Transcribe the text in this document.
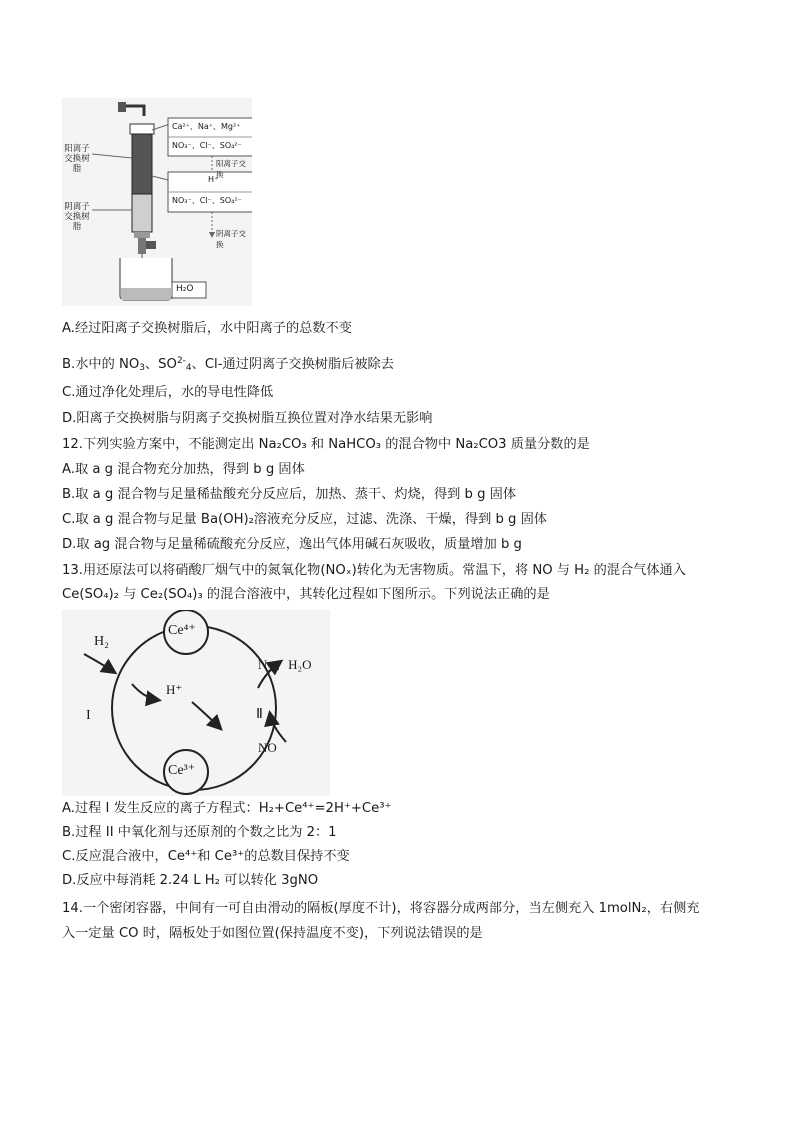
阳离子交换树脂
阴离子交换树脂
Ca²⁺、Na⁺、Mg²⁺
NO₃⁻、Cl⁻、SO₄²⁻
阳离子交换
H⁺
NO₃⁻、Cl⁻、SO₄²⁻
阴离子交换
H₂O
A.经过阳离子交换树脂后，水中阳离子的总数不变
B.水中的 $NO_3$、$SO^{2-}_4$、Cl-通过阴离子交换树脂后被除去
C.通过净化处理后，水的导电性降低
D.阳离子交换树脂与阴离子交换树脂互换位置对净水结果无影响
12.下列实验方案中，不能测定出 Na₂CO₃ 和 NaHCO₃ 的混合物中 Na₂CO3 质量分数的是
A.取 a g 混合物充分加热，得到 b g 固体
B.取 a g 混合物与足量稀盐酸充分反应后，加热、蒸干、灼烧，得到 b g 固体
C.取 a g 混合物与足量 Ba(OH)₂溶液充分反应，过滤、洗涤、干燥，得到 b g 固体
D.取 ag 混合物与足量稀硫酸充分反应，逸出气体用碱石灰吸收，质量增加 b g
13.用还原法可以将硝酸厂烟气中的氮氧化物(NOₓ)转化为无害物质。常温下，将 NO 与 H₂ 的混合气体通入
Ce(SO₄)₂ 与 Ce₂(SO₄)₃ 的混合溶液中，其转化过程如下图所示。下列说法正确的是
H₂
Ce⁴⁺
N₂ 、H₂O
H⁺
I	Ⅱ
NO
Ce³⁺
A.过程 I 发生反应的离子方程式：H₂+Ce⁴⁺=2H⁺+Ce³⁺
B.过程 II 中氧化剂与还原剂的个数之比为 2：1
C.反应混合液中，Ce⁴⁺和 Ce³⁺的总数目保持不变
D.反应中每消耗 2.24 L H₂ 可以转化 3gNO
14.一个密闭容器，中间有一可自由滑动的隔板(厚度不计)，将容器分成两部分，当左侧充入 1molN₂，右侧充
入一定量 CO 时，隔板处于如图位置(保持温度不变)，下列说法错误的是
